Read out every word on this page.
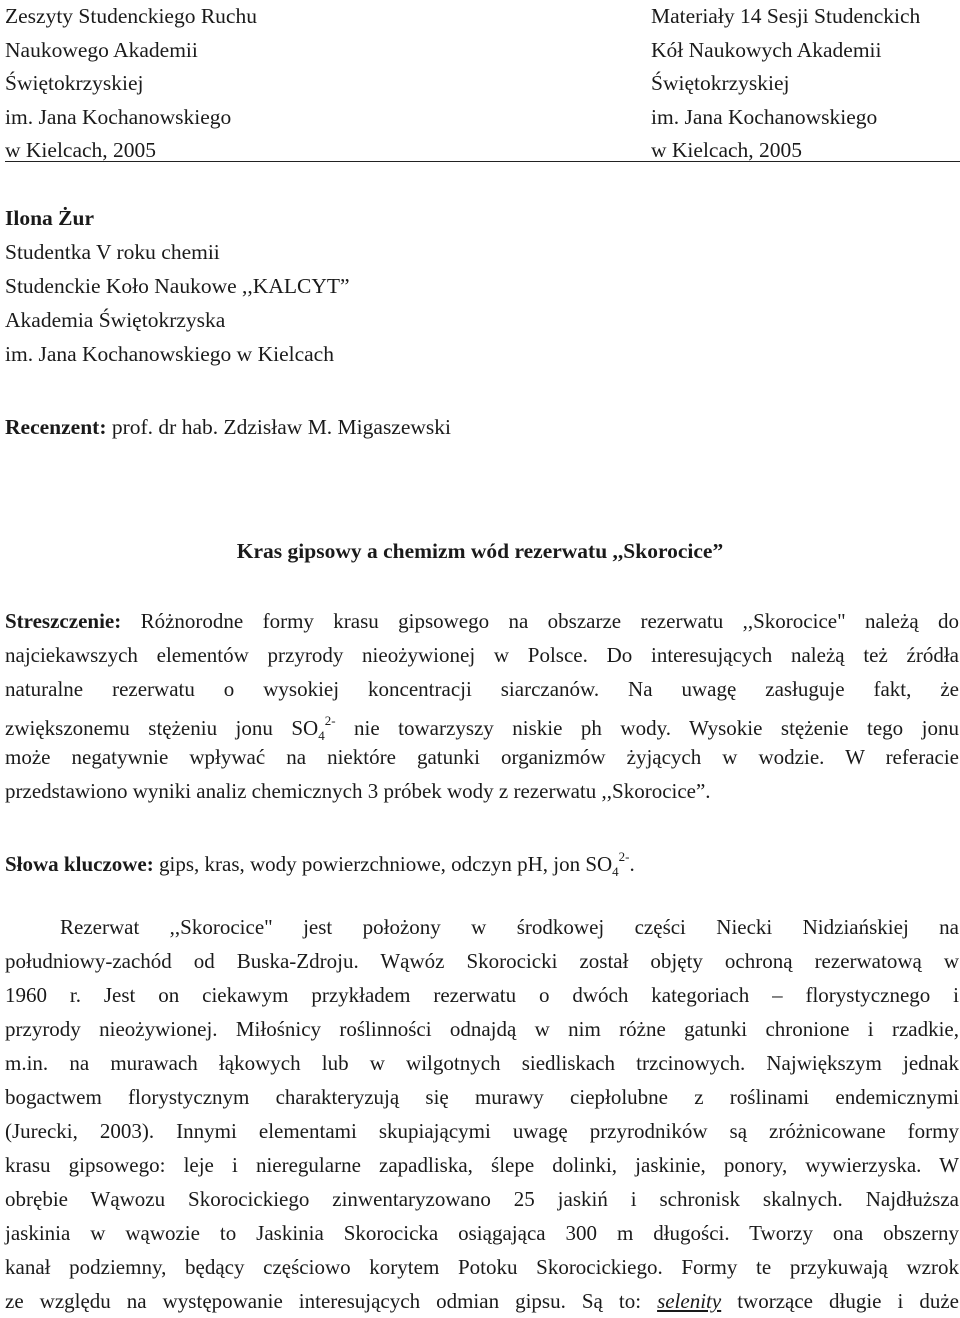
Zeszyty Studenckiego Ruchu
Naukowego Akademii
Świętokrzyskiej
im. Jana Kochanowskiego
w Kielcach, 2005
Materiały 14 Sesji Studenckich
Kół Naukowych Akademii
Świętokrzyskiej
im. Jana Kochanowskiego
w Kielcach, 2005
Ilona Żur
Studentka V roku chemii
Studenckie Koło Naukowe ,,KALCYT”
Akademia Świętokrzyska
im. Jana Kochanowskiego w Kielcach
Recenzent: prof. dr hab. Zdzisław M. Migaszewski
Kras gipsowy a chemizm wód rezerwatu ,,Skorocice”
Streszczenie: Różnorodne formy krasu gipsowego na obszarze rezerwatu ,,Skorocice" należą do
najciekawszych elementów przyrody nieożywionej w Polsce. Do interesujących należą też źródła
naturalne rezerwatu o wysokiej koncentracji siarczanów. Na uwagę zasługuje fakt, że
zwiększonemu stężeniu jonu $SO_4^{2-}$ nie towarzyszy niskie ph wody. Wysokie stężenie tego jonu
może negatywnie wpływać na niektóre gatunki organizmów żyjących w wodzie. W referacie
przedstawiono wyniki analiz chemicznych 3 próbek wody z rezerwatu ,,Skorocice”.
Słowa kluczowe: gips, kras, wody powierzchniowe, odczyn pH, jon $SO_4^{2-}$.
Rezerwat ,,Skorocice" jest położony w środkowej części Niecki Nidziańskiej na
południowy-zachód od Buska-Zdroju. Wąwóz Skorocicki został objęty ochroną rezerwatową w
1960 r. Jest on ciekawym przykładem rezerwatu o dwóch kategoriach – florystycznego i
przyrody nieożywionej. Miłośnicy roślinności odnajdą w nim różne gatunki chronione i rzadkie,
m.in. na murawach łąkowych lub w wilgotnych siedliskach trzcinowych. Największym jednak
bogactwem florystycznym charakteryzują się murawy ciepłolubne z roślinami endemicznymi
(Jurecki, 2003). Innymi elementami skupiającymi uwagę przyrodników są zróżnicowane formy
krasu gipsowego: leje i nieregularne zapadliska, ślepe dolinki, jaskinie, ponory, wywierzyska. W
obrębie Wąwozu Skorocickiego zinwentaryzowano 25 jaskiń i schronisk skalnych. Najdłuższa
jaskinia w wąwozie to Jaskinia Skorocicka osiągająca 300 m długości. Tworzy ona obszerny
kanał podziemny, będący częściowo korytem Potoku Skorocickiego. Formy te przykuwają wzrok
ze względu na występowanie interesujących odmian gipsu. Są to: selenity tworzące długie i duże
